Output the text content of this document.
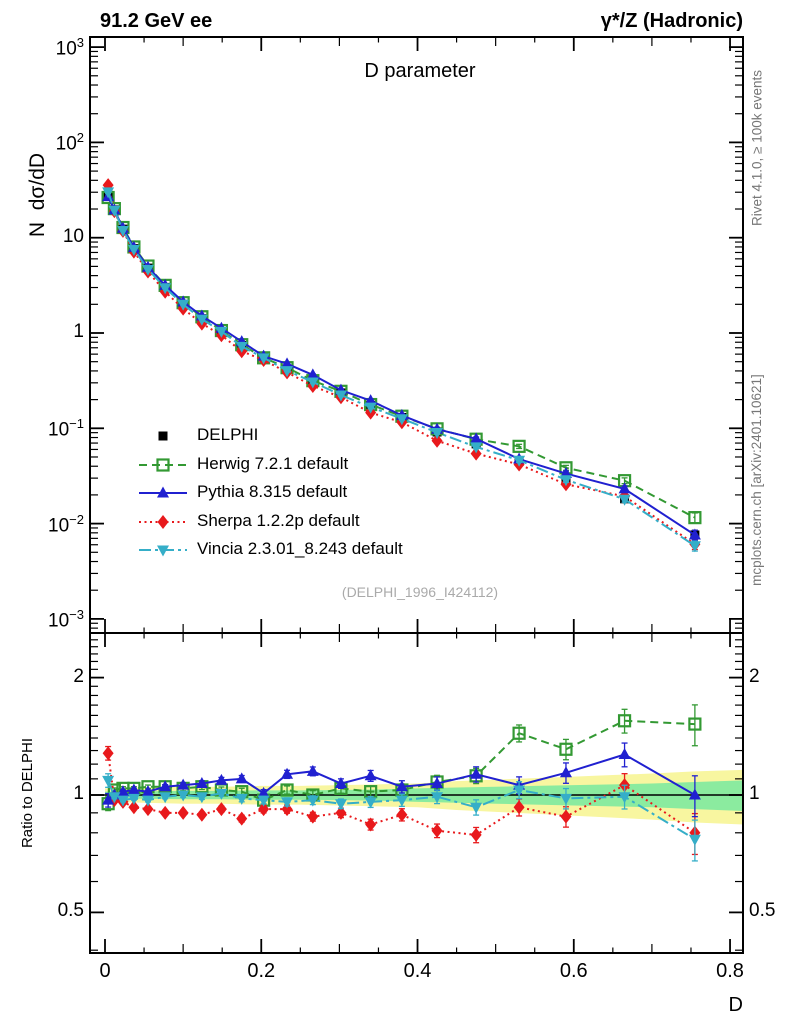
91.2 GeV ee	γ*/Z (Hadronic)
D parameter
N  dσ/dD
Ratio to DELPHI
Rivet 4.1.0, ≥ 100k events
mcplots.cern.ch [arXiv:2401.10621]
(DELPHI_1996_I424112)
DELPHI
Herwig 7.2.1 default
Pythia 8.315 default
Sherpa 1.2.2p default
Vincia 2.3.01_8.243 default
D
$10^3$
$10^2$
10
1
$10^{-1}$
$10^{-2}$
$10^{-3}$
2	2
1	1
0.5	0.5
0	0.2	0.4	0.6	0.8
